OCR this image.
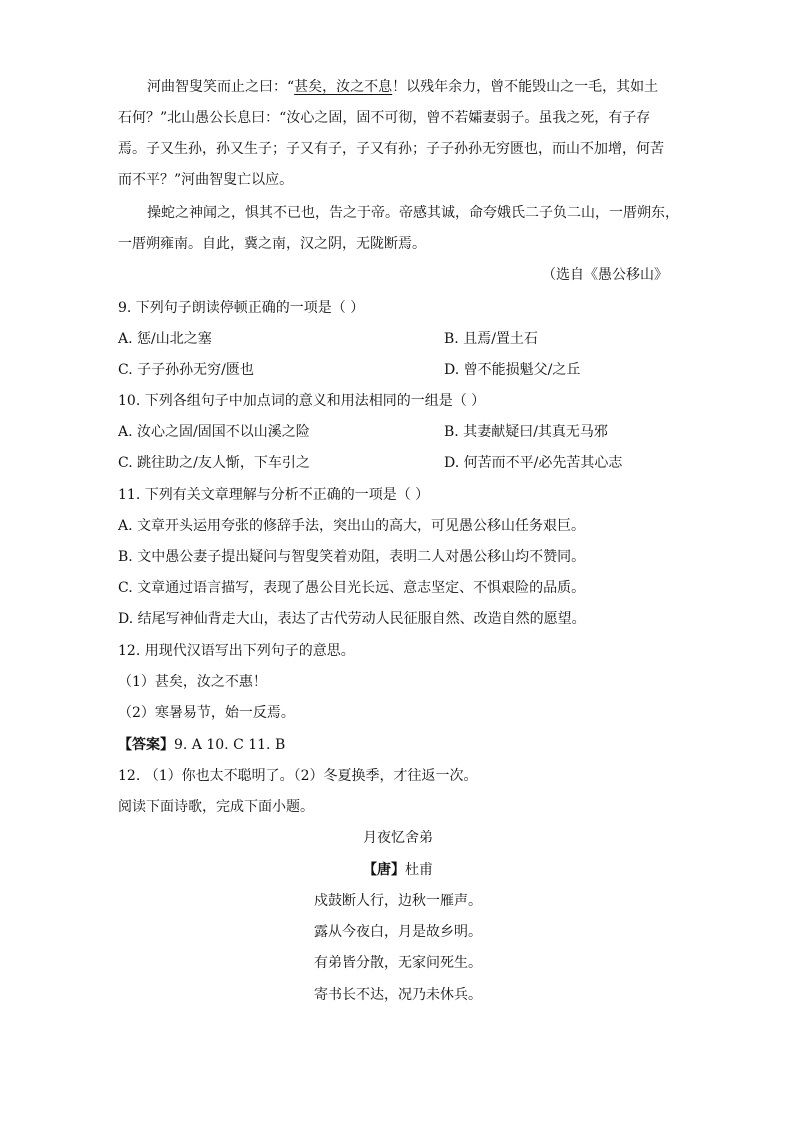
河曲智叟笑而止之曰：“甚矣，汝之不息！以残年余力，曾不能毁山之一毛，其如土
石何？”北山愚公长息曰：“汝心之固，固不可彻，曾不若孀妻弱子。虽我之死，有子存
焉。子又生孙，孙又生子；子又有子，子又有孙；子子孙孙无穷匮也，而山不加增，何苦
而不平？”河曲智叟亡以应。
操蛇之神闻之，惧其不已也，告之于帝。帝感其诚，命夸娥氏二子负二山，一厝朔东，
一厝朔雍南。自此，冀之南，汉之阴，无陇断焉。
（选自《愚公移山》
9. 下列句子朗读停顿正确的一项是（ ）
A. 惩/山北之塞	B. 且焉/置土石
C. 子子孙孙无穷/匮也	D. 曾不能损魁父/之丘
10. 下列各组句子中加点词的意义和用法相同的一组是（ ）
A. 汝心之固/固国不以山溪之险	B. 其妻献疑曰/其真无马邪
C. 跳往助之/友人惭，下车引之	D. 何苦而不平/必先苦其心志
11. 下列有关文章理解与分析不正确的一项是（ ）
A. 文章开头运用夸张的修辞手法，突出山的高大，可见愚公移山任务艰巨。
B. 文中愚公妻子提出疑问与智叟笑着劝阻，表明二人对愚公移山均不赞同。
C. 文章通过语言描写，表现了愚公目光长远、意志坚定、不惧艰险的品质。
D. 结尾写神仙背走大山，表达了古代劳动人民征服自然、改造自然的愿望。
12. 用现代汉语写出下列句子的意思。
（1）甚矣，汝之不惠！
（2）寒暑易节，始一反焉。
【答案】9. A 10. C 11. B
12. （1）你也太不聪明了。（2）冬夏换季，才往返一次。
阅读下面诗歌，完成下面小题。
月夜忆舍弟
【唐】杜甫
戍鼓断人行，边秋一雁声。
露从今夜白，月是故乡明。
有弟皆分散，无家问死生。
寄书长不达，况乃未休兵。
